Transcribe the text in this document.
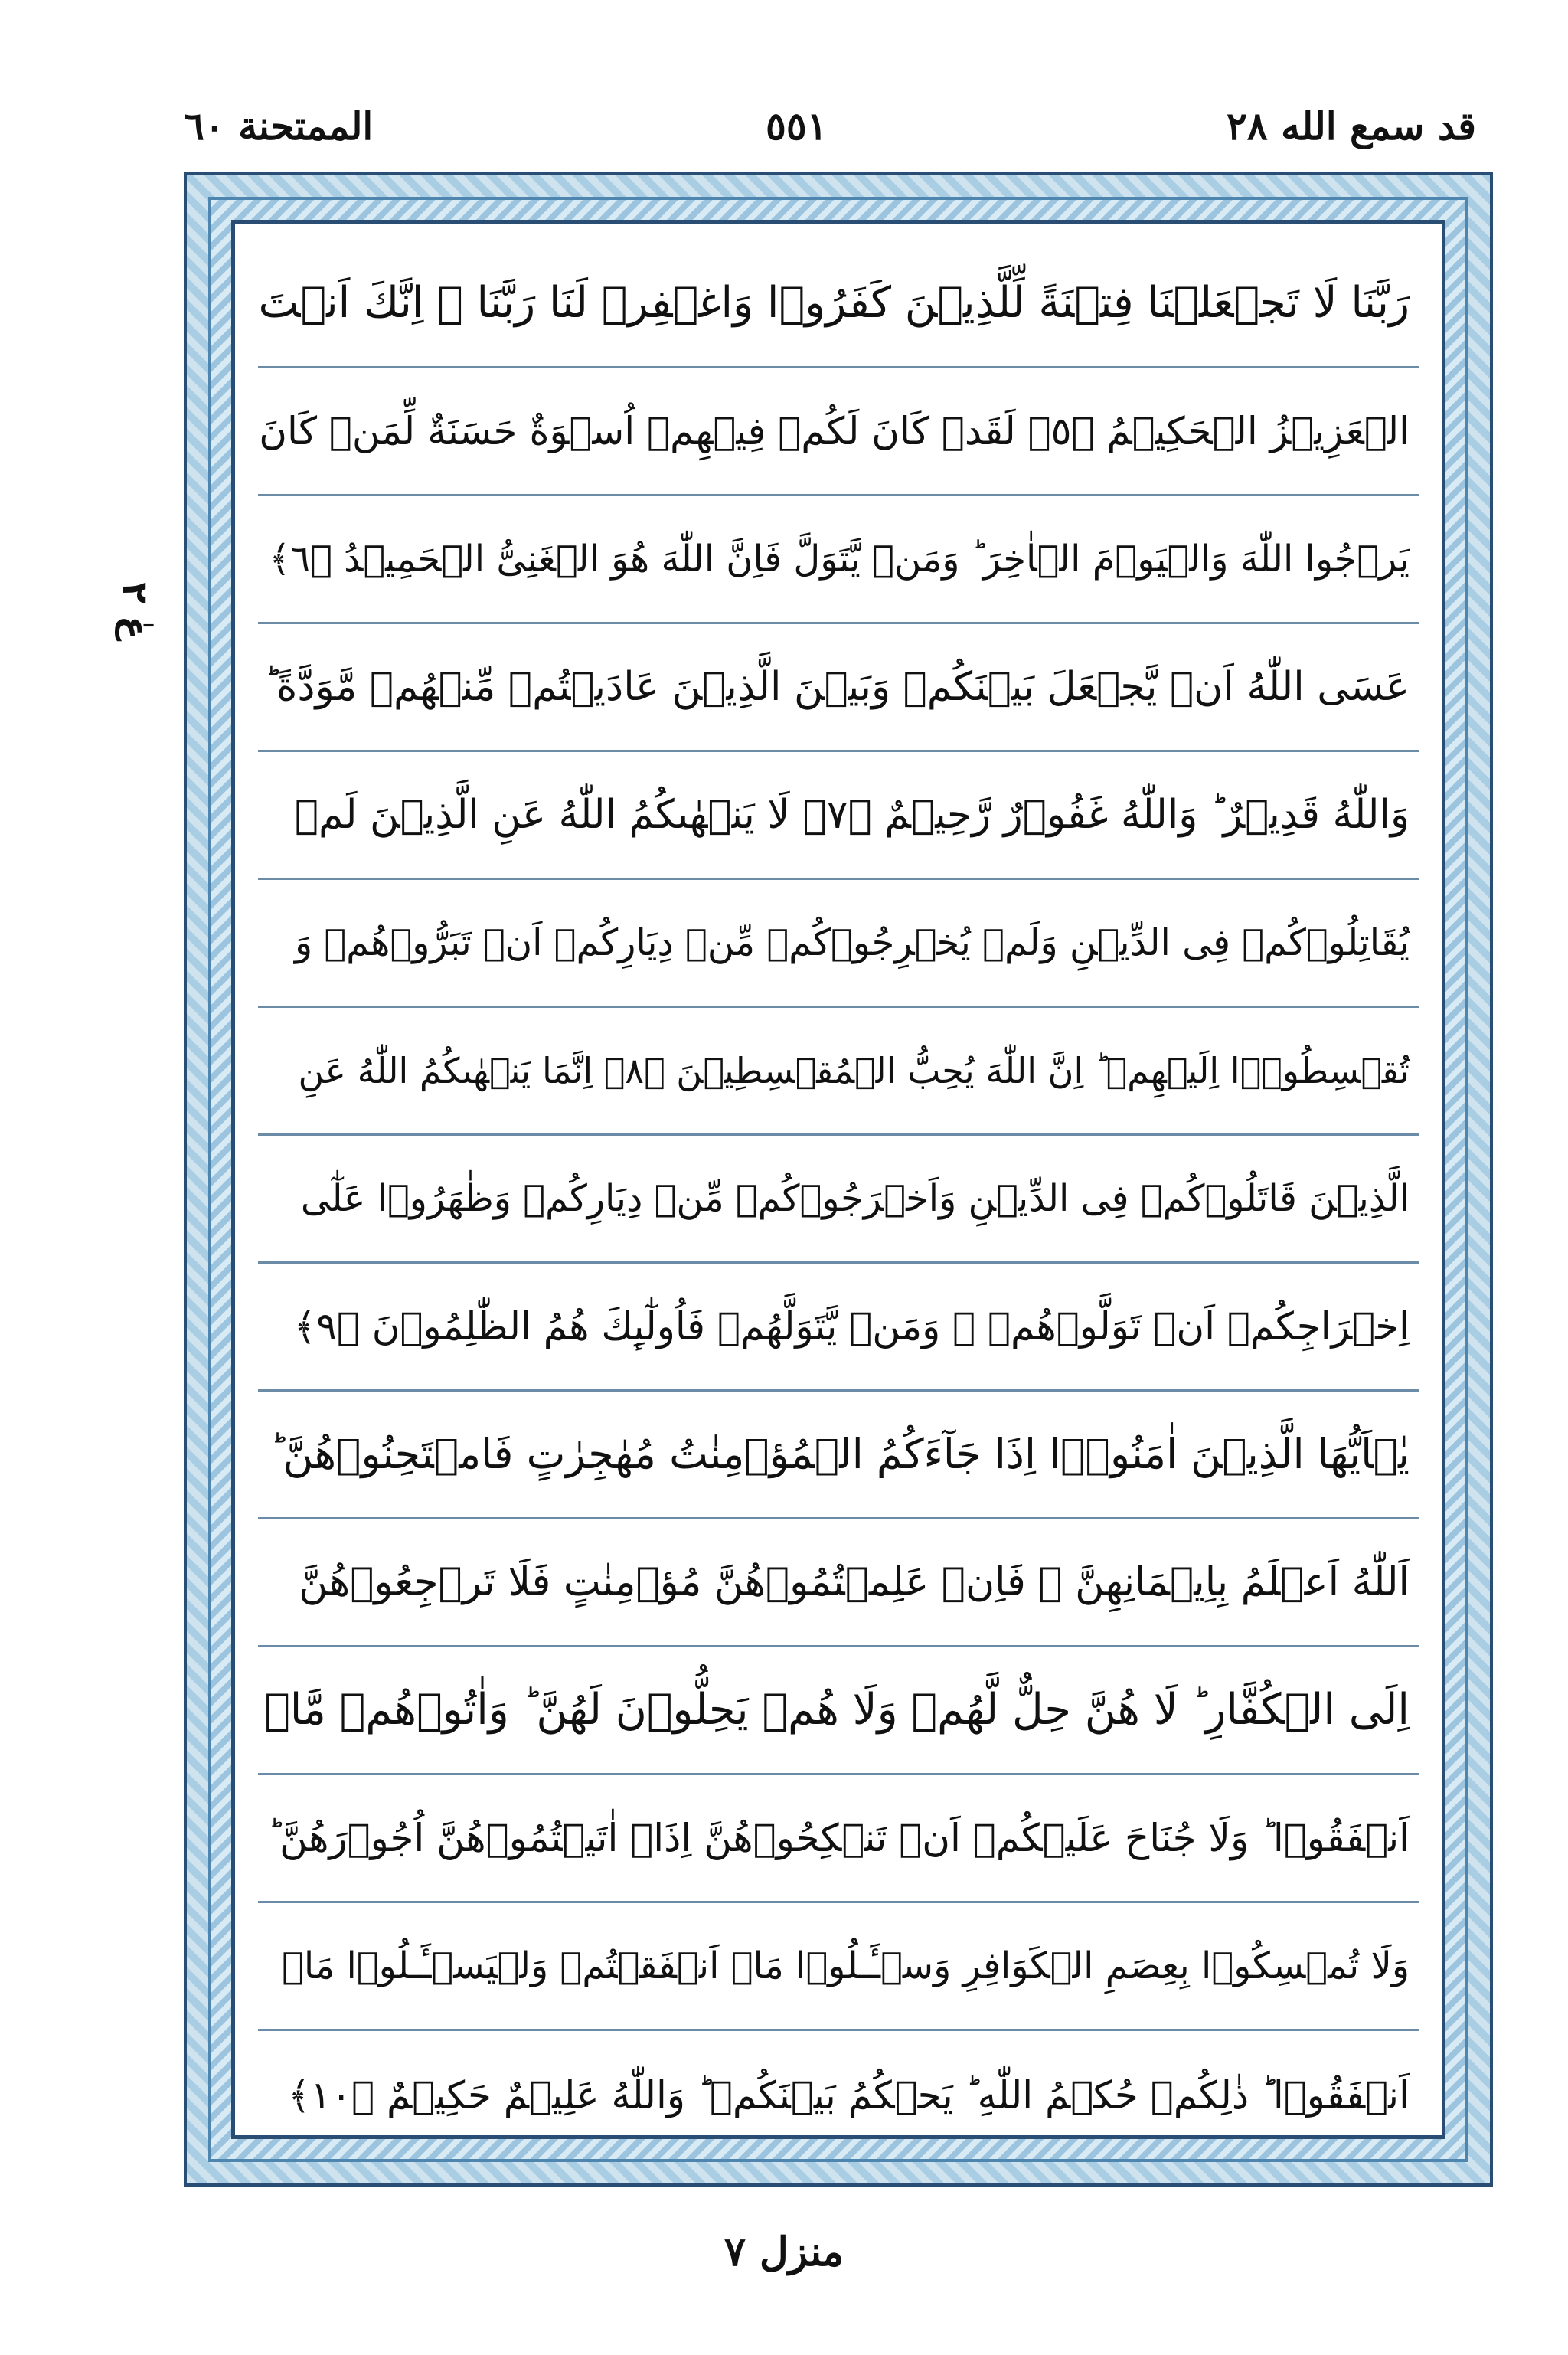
قد سمع الله ٢٨
٥٥١
الممتحنة ٦٠
عٰ ٢
رَبَّنَا لَا تَجۡعَلۡنَا فِتۡنَةً لِّلَّذِيۡنَ كَفَرُوۡا وَاغۡفِرۡ لَنَا رَبَّنَا ۚ اِنَّكَ اَنۡتَ
الۡعَزِيۡزُ الۡحَكِيۡمُ ﴿٥﴾ لَقَدۡ كَانَ لَكُمۡ فِيۡهِمۡ اُسۡوَةٌ حَسَنَةٌ لِّمَنۡ كَانَ
يَرۡجُوا اللّٰهَ وَالۡيَوۡمَ الۡاٰخِرَ ؕ وَمَنۡ يَّتَوَلَّ فَاِنَّ اللّٰهَ هُوَ الۡغَنِىُّ الۡحَمِيۡدُ ﴿٦﴾
عَسَى اللّٰهُ اَنۡ يَّجۡعَلَ بَيۡنَكُمۡ وَبَيۡنَ الَّذِيۡنَ عَادَيۡتُمۡ مِّنۡهُمۡ مَّوَدَّةً ؕ
وَاللّٰهُ قَدِيۡرٌ ؕ وَاللّٰهُ غَفُوۡرٌ رَّحِيۡمٌ ﴿٧﴾ لَا يَنۡهٰٮكُمُ اللّٰهُ عَنِ الَّذِيۡنَ لَمۡ
يُقَاتِلُوۡكُمۡ فِى الدِّيۡنِ وَلَمۡ يُخۡرِجُوۡكُمۡ مِّنۡ دِيَارِكُمۡ اَنۡ تَبَرُّوۡهُمۡ وَ
تُقۡسِطُوۡۤا اِلَيۡهِمۡ ؕ اِنَّ اللّٰهَ يُحِبُّ الۡمُقۡسِطِيۡنَ ﴿٨﴾ اِنَّمَا يَنۡهٰٮكُمُ اللّٰهُ عَنِ
الَّذِيۡنَ قَاتَلُوۡكُمۡ فِى الدِّيۡنِ وَاَخۡرَجُوۡكُمۡ مِّنۡ دِيَارِكُمۡ وَظٰهَرُوۡا عَلٰٓى
اِخۡرَاجِكُمۡ اَنۡ تَوَلَّوۡهُمۡ ۚ وَمَنۡ يَّتَوَلَّهُمۡ فَاُولٰٓٮِٕكَ هُمُ الظّٰلِمُوۡنَ ﴿٩﴾
يٰۤاَيُّهَا الَّذِيۡنَ اٰمَنُوۡۤا اِذَا جَآءَكُمُ الۡمُؤۡمِنٰتُ مُهٰجِرٰتٍ فَامۡتَحِنُوۡهُنَّ ؕ
اَللّٰهُ اَعۡلَمُ بِاِيۡمَانِهِنَّ ۚ فَاِنۡ عَلِمۡتُمُوۡهُنَّ مُؤۡمِنٰتٍ فَلَا تَرۡجِعُوۡهُنَّ
اِلَى الۡكُفَّارِ ؕ لَا هُنَّ حِلٌّ لَّهُمۡ وَلَا هُمۡ يَحِلُّوۡنَ لَهُنَّ ؕ وَاٰتُوۡهُمۡ مَّاۤ
اَنۡفَقُوۡا ؕ وَلَا جُنَاحَ عَلَيۡكُمۡ اَنۡ تَنۡكِحُوۡهُنَّ اِذَاۤ اٰتَيۡتُمُوۡهُنَّ اُجُوۡرَهُنَّ ؕ
وَلَا تُمۡسِكُوۡا بِعِصَمِ الۡكَوَافِرِ وَسۡـَٔـلُوۡا مَاۤ اَنۡفَقۡتُمۡ وَلۡيَسۡـَٔـلُوۡا مَاۤ
اَنۡفَقُوۡا ؕ ذٰلِكُمۡ حُكۡمُ اللّٰهِ ؕ يَحۡكُمُ بَيۡنَكُمۡ ؕ وَاللّٰهُ عَلِيۡمٌ حَكِيۡمٌ ﴿١٠﴾
منزل ٧
